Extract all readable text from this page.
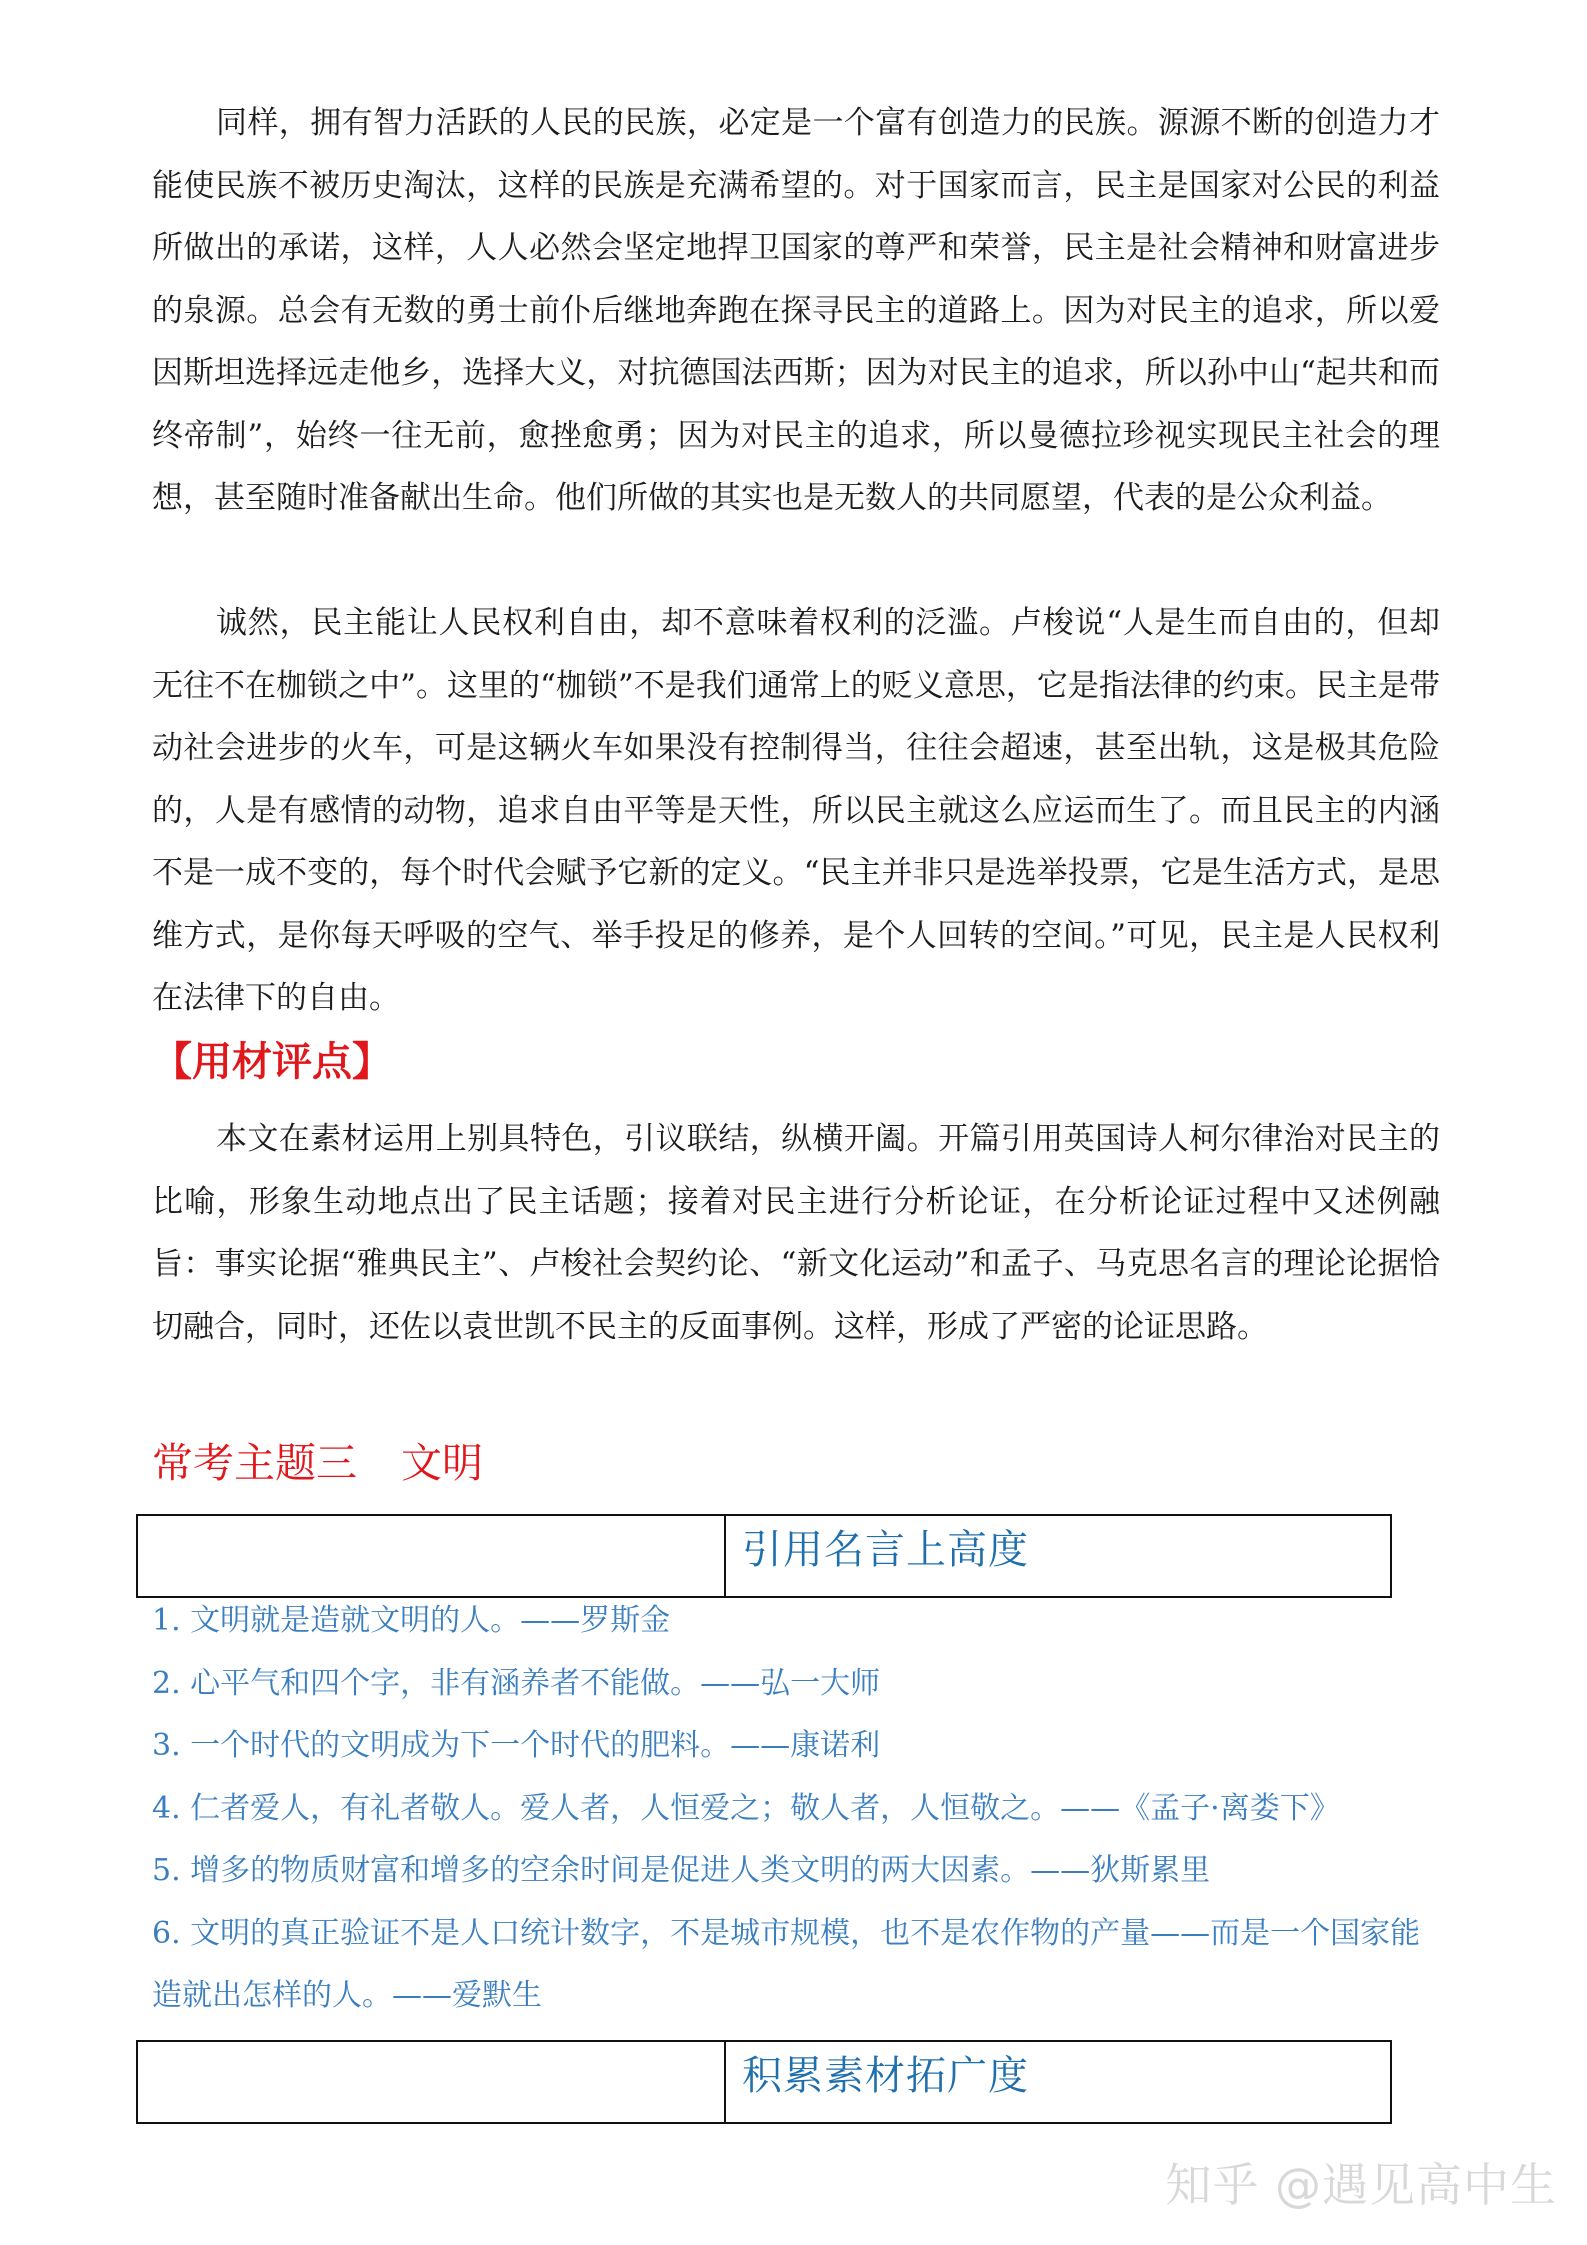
同样，拥有智力活跃的人民的民族，必定是一个富有创造力的民族。源源不断的创造力才能使民族不被历史淘汰，这样的民族是充满希望的。对于国家而言，民主是国家对公民的利益所做出的承诺，这样，人人必然会坚定地捍卫国家的尊严和荣誉，民主是社会精神和财富进步的泉源。总会有无数的勇士前仆后继地奔跑在探寻民主的道路上。因为对民主的追求，所以爱因斯坦选择远走他乡，选择大义，对抗德国法西斯；因为对民主的追求，所以孙中山“起共和而终帝制”，始终一往无前，愈挫愈勇；因为对民主的追求，所以曼德拉珍视实现民主社会的理想，甚至随时准备献出生命。他们所做的其实也是无数人的共同愿望，代表的是公众利益。

诚然，民主能让人民权利自由，却不意味着权利的泛滥。卢梭说“人是生而自由的，但却无往不在枷锁之中”。这里的“枷锁”不是我们通常上的贬义意思，它是指法律的约束。民主是带动社会进步的火车，可是这辆火车如果没有控制得当，往往会超速，甚至出轨，这是极其危险的，人是有感情的动物，追求自由平等是天性，所以民主就这么应运而生了。而且民主的内涵不是一成不变的，每个时代会赋予它新的定义。“民主并非只是选举投票，它是生活方式，是思维方式，是你每天呼吸的空气、举手投足的修养，是个人回转的空间。”可见，民主是人民权利在法律下的自由。

【用材评点】

本文在素材运用上别具特色，引议联结，纵横开阖。开篇引用英国诗人柯尔律治对民主的比喻，形象生动地点出了民主话题；接着对民主进行分析论证，在分析论证过程中又述例融旨：事实论据“雅典民主”、卢梭社会契约论、“新文化运动”和孟子、马克思名言的理论论据恰切融合，同时，还佐以袁世凯不民主的反面事例。这样，形成了严密的论证思路。

常考主题三 文明
引用名言上高度
1. 文明就是造就文明的人。——罗斯金
2. 心平气和四个字，非有涵养者不能做。——弘一大师
3. 一个时代的文明成为下一个时代的肥料。——康诺利
4. 仁者爱人，有礼者敬人。爱人者，人恒爱之；敬人者，人恒敬之。——《孟子·离娄下》
5. 增多的物质财富和增多的空余时间是促进人类文明的两大因素。——狄斯累里
6. 文明的真正验证不是人口统计数字，不是城市规模，也不是农作物的产量——而是一个国家能造就出怎样的人。——爱默生
积累素材拓广度
知乎 @遇见高中生
